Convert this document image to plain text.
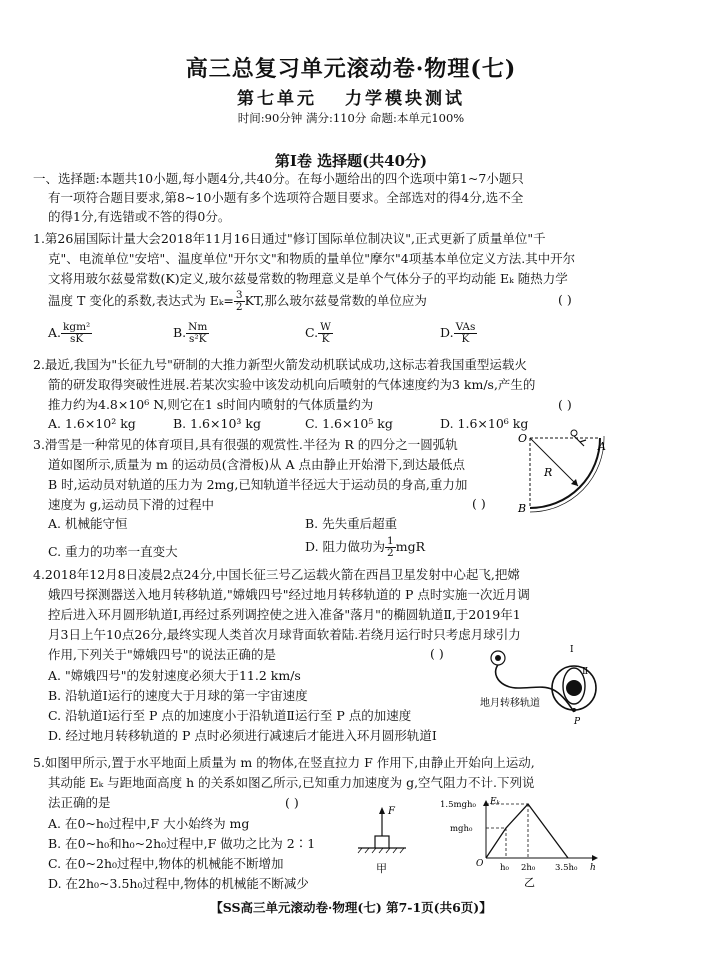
高三总复习单元滚动卷·物理(七)
第七单元 力学模块测试
时间:90分钟 满分:110分 命题:本单元100%
第Ⅰ卷 选择题(共40分)
一、选择题:本题共10小题,每小题4分,共40分。在每小题给出的四个选项中第1~7小题只
有一项符合题目要求,第8~10小题有多个选项符合题目要求。全部选对的得4分,选不全
的得1分,有选错或不答的得0分。
1.第26届国际计量大会2018年11月16日通过"修订国际单位制决议",正式更新了质量单位"千
克"、电流单位"安培"、温度单位"开尔文"和物质的量单位"摩尔"4项基本单位定义方法.其中开尔
文将用玻尔兹曼常数(K)定义,玻尔兹曼常数的物理意义是单个气体分子的平均动能 Eₖ 随热力学
温度 T 变化的系数,表达式为 $E_k= \frac{3}{2}$ KT,那么玻尔兹曼常数的单位应为	( )
A. $\frac{\text{kgm²}}{sK}$	B. $\frac{Nm}{\text{s²K}}$	C. $\frac{W}{K}$	D. $\frac{\text{VAs}}{K}$
2.最近,我国为"长征九号"研制的大推力新型火箭发动机联试成功,这标志着我国重型运载火
箭的研发取得突破性进展.若某次实验中该发动机向后喷射的气体速度约为3 km/s,产生的
推力约为4.8×10⁶ N,则它在1 s时间内喷射的气体质量约为	( )
A. 1.6×10² kg	B. 1.6×10³ kg	C. 1.6×10⁵ kg	D. 1.6×10⁶ kg
3.滑雪是一种常见的体育项目,具有很强的观赏性.半径为 R 的四分之一圆弧轨
道如图所示,质量为 m 的运动员(含滑板)从 A 点由静止开始滑下,到达最低点
B 时,运动员对轨道的压力为 2mg,已知轨道半径远大于运动员的身高,重力加
速度为 g,运动员下滑的过程中	( )
A. 机械能守恒	B. 先失重后超重
C. 重力的功率一直变大	D. 阻力做功为 $\frac{1}{2}$ mgR
O
A
B
R
4.2018年12月8日凌晨2点24分,中国长征三号乙运载火箭在西昌卫星发射中心起飞,把嫦
娥四号探测器送入地月转移轨道,"嫦娥四号"经过地月转移轨道的 P 点时实施一次近月调
控后进入环月圆形轨道Ⅰ,再经过系列调控使之进入准备"落月"的椭圆轨道Ⅱ,于2019年1
月3日上午10点26分,最终实现人类首次月球背面软着陆.若绕月运行时只考虑月球引力
作用,下列关于"嫦娥四号"的说法正确的是	( )
A. "嫦娥四号"的发射速度必须大于11.2 km/s
B. 沿轨道Ⅰ运行的速度大于月球的第一宇宙速度
C. 沿轨道Ⅰ运行至 P 点的加速度小于沿轨道Ⅱ运行至 P 点的加速度
D. 经过地月转移轨道的 P 点时必须进行减速后才能进入环月圆形轨道Ⅰ
Ⅰ
Ⅱ
P
地月转移轨道
5.如图甲所示,置于水平地面上质量为 m 的物体,在竖直拉力 F 作用下,由静止开始向上运动,
其动能 Eₖ 与距地面高度 h 的关系如图乙所示,已知重力加速度为 g,空气阻力不计.下列说
法正确的是	( )
A. 在0~h₀过程中,F 大小始终为 mg
B. 在0~h₀和h₀~2h₀过程中,F 做功之比为 2∶1
C. 在0~2h₀过程中,物体的机械能不断增加
D. 在2h₀~3.5h₀过程中,物体的机械能不断减少
F
甲
Eₖ
1.5mgh₀
mgh₀
O h₀ 2h₀ 3.5h₀ h
乙
【SS高三单元滚动卷·物理(七) 第7-1页(共6页)】
